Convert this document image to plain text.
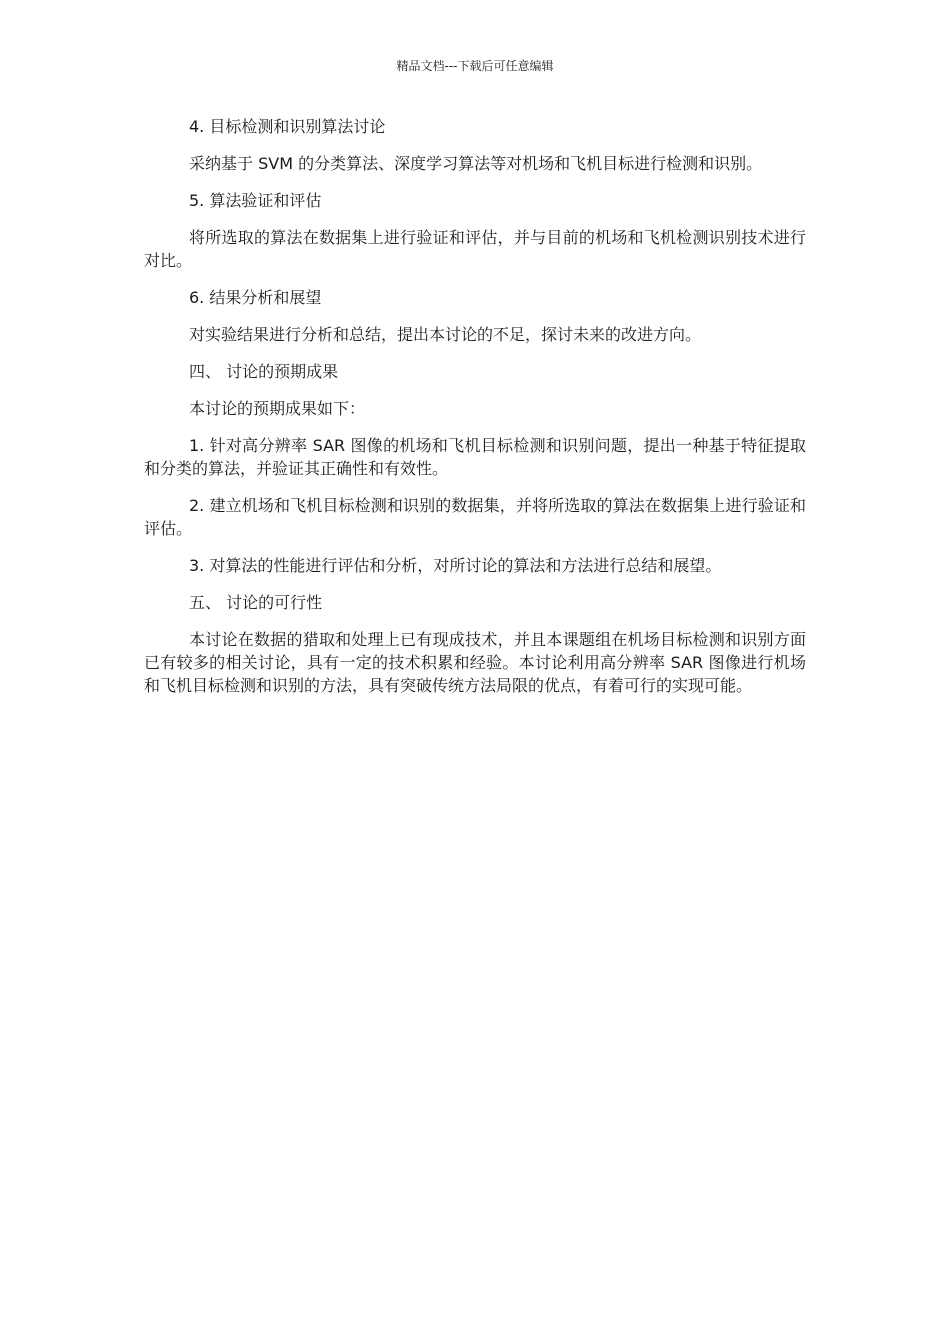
精品文档---下载后可任意编辑

4. 目标检测和识别算法讨论

采纳基于 SVM 的分类算法、深度学习算法等对机场和飞机目标进行检测和识别。

5. 算法验证和评估

将所选取的算法在数据集上进行验证和评估，并与目前的机场和飞机检测识别技术进行对比。

6. 结果分析和展望

对实验结果进行分析和总结，提出本讨论的不足，探讨未来的改进方向。

四、 讨论的预期成果

本讨论的预期成果如下：

1. 针对高分辨率 SAR 图像的机场和飞机目标检测和识别问题，提出一种基于特征提取和分类的算法，并验证其正确性和有效性。

2. 建立机场和飞机目标检测和识别的数据集，并将所选取的算法在数据集上进行验证和评估。

3. 对算法的性能进行评估和分析，对所讨论的算法和方法进行总结和展望。

五、 讨论的可行性

本讨论在数据的猎取和处理上已有现成技术，并且本课题组在机场目标检测和识别方面已有较多的相关讨论，具有一定的技术积累和经验。本讨论利用高分辨率 SAR 图像进行机场和飞机目标检测和识别的方法，具有突破传统方法局限的优点，有着可行的实现可能。
